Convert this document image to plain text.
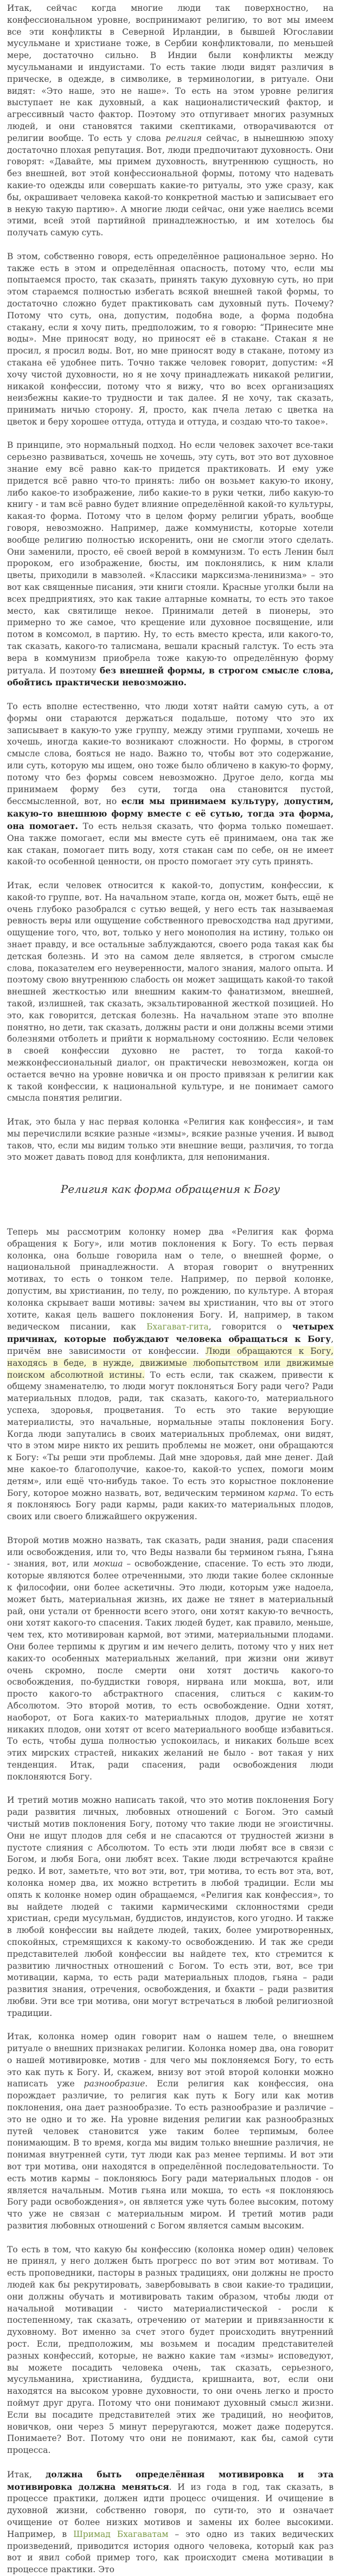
Итак, сейчас когда многие люди так поверхностно, на конфессиональном уровне, воспринимают религию, то вот мы имеем все эти конфликты в Северной Ирландии, в бывшей Югославии мусульмане и христиане тоже, в Сербии конфликтовали, по меньшей мере, достаточно сильно. В Индии были конфликты между мусульманами и индуистами. То есть такие люди видят различия в прическе, в одежде, в символике, в терминологии, в ритуале. Они видят: «Это наше, это не наше». То есть на этом уровне религия выступает не как духовный, а как националистический фактор, и агрессивный часто фактор. Поэтому это отпугивает многих разумных людей, и они становятся такими скептиками, отворачиваются от религии вообще. То есть у слова религия сейчас, в нынешнюю эпоху достаточно плохая репутация. Вот, люди предпочитают духовность. Они говорят: «Давайте, мы примем духовность, внутреннюю сущность, но без внешней, вот этой конфессиональной формы, потому что надевать какие-то одежды или совершать какие-то ритуалы, это уже сразу, как бы, окрашивает человека какой-то конкретной мастью и записывает его в некую такую партию». А многие люди сейчас, они уже наелись всеми этими, всей этой партийной принадлежностью, и им хотелось бы получать самую суть.

В этом, собственно говоря, есть определённое рациональное зерно. Но также есть в этом и определённая опасность, потому что, если мы попытаемся просто, так сказать, принять такую духовную суть, но при этом стараемся полностью избегать всякой внешней такой формы, то достаточно сложно будет практиковать сам духовный путь. Почему? Потому что суть, она, допустим, подобна воде, а форма подобна стакану, если я хочу пить, предположим, то я говорю: “Принесите мне воды». Мне приносят воду, но приносят её в стакане. Стакан я не просил, я просил воды. Вот, но мне приносят воду в стакане, потому из стакана её удобнее пить. Точно также человек говорит, допустим: «Я хочу чистой духовности, но я не хочу принадлежать никакой религии, никакой конфессии, потому что я вижу, что во всех организациях неизбежны какие-то трудности и так далее. Я не хочу, так сказать, принимать ничью сторону. Я, просто, как пчела летаю с цветка на цветок и беру хорошее оттуда, оттуда и оттуда, и создаю что-то такое».

В принципе, это нормальный подход. Но если человек захочет все-таки серьезно развиваться, хочешь не хочешь, эту суть, вот это вот духовное знание ему всё равно как-то придется практиковать. И ему уже придется всё равно что-то принять: либо он возьмет какую-то икону, либо какое-то изображение, либо какие-то в руки четки, либо какую-то книгу - и там всё равно будет влияние определённой какой-то культуры, какая-то форма. Потому что в целом форму религии убрать, вообще говоря, невозможно. Например, даже коммунисты, которые хотели вообще религию полностью искоренить, они не смогли этого сделать. Они заменили, просто, её своей верой в коммунизм. То есть Ленин был пророком, его изображение, бюсты, им поклонялись, к ним клали цветы, приходили в мавзолей. «Классики марксизма-ленинизма» – это вот как священные писания, эти книги стояли. Красные уголки были на всех предприятиях, это как такие алтарные комнаты, то есть это такое место, как святилище некое. Принимали детей в пионеры, это примерно то же самое, что крещение или духовное посвящение, или потом в комсомол, в партию. Ну, то есть вместо креста, или какого-то, так сказать, какого-то талисмана, вешали красный галстук. То есть эта вера в коммунизм приобрела тоже какую-то определённую форму ритуала. И поэтому без внешней формы, в строгом смысле слова, обойтись практически невозможно.

То есть вполне естественно, что люди хотят найти самую суть, а от формы они стараются держаться подальше, потому что это их записывает в какую-то уже группу, между этими группами, хочешь не хочешь, иногда какие-то возникают сложности. Но формы, в строгом смысле слова, бояться не надо. Важно то, чтобы вот это содержание, или суть, которую мы ищем, оно тоже было обличено в какую-то форму, потому что без формы совсем невозможно. Другое дело, когда мы принимаем форму без сути, тогда она становится пустой, бессмысленной, вот, но если мы принимаем культуру, допустим, какую-то внешнюю форму вместе с её сутью, тогда эта форма, она помогает. То есть нельзя сказать, что форма только помешает. Она также помогает, если мы вместе суть её принимаем, она так же как стакан, помогает пить воду, хотя стакан сам по себе, он не имеет какой-то особенной ценности, он просто помогает эту суть принять.

Итак, если человек относится к какой-то, допустим, конфессии, к какой-то группе, вот. На начальном этапе, когда он, может быть, ещё не очень глубоко разобрался с сутью вещей, у него есть так называемая ревность веры или ощущение собственного превосходства над другими, ощущение того, что, вот, только у него монополия на истину, только он знает правду, и все остальные заблуждаются, своего рода такая как бы детская болезнь. И это на самом деле является, в строгом смысле слова, показателем его неуверенности, малого знания, малого опыта. И поэтому свою внутреннюю слабость он может защищать какой-то такой внешней жесткостью или внешним каким-то фанатизмом, внешней, такой, излишней, так сказать, экзальтированной жесткой позицией. Но это, как говорится, детская болезнь. На начальном этапе это вполне понятно, но дети, так сказать, должны расти и они должны всеми этими болезнями отболеть и прийти к нормальному состоянию. Если человек в своей конфессии духовно не растет, то тогда какой-то межконфессиональный диалог, он практически невозможен, когда он остается вечно на уровне новичка и он просто привязан к религии как к такой конфессии, к национальной культуре, и не понимает самого смысла понятия религии.

Итак, это была у нас первая колонка «Религия как конфессия», и там мы перечислили всякие разные «измы», всякие разные учения. И вывод таков, что, если мы видим только эти внешние вещи, различия, то тогда это может давать повод для конфликта, для непонимания.

Религия как форма обращения к Богу

Теперь мы рассмотрим колонку номер два «Религия как форма обращения к Богу», или мотив поклонения к Богу. То есть первая колонка, она больше говорила нам о теле, о внешней форме, о национальной принадлежности. А вторая говорит о внутренних мотивах, то есть о тонком теле. Например, по первой колонке, допустим, вы христианин, по телу, по рождению, по культуре. А вторая колонка скрывает ваши мотивы: зачем вы христианин, что вы от этого хотите, какая цель вашего поклонения Богу. И, например, в таком ведическом писании, как Бхагават-гита, говорится о четырех причинах, которые побуждают человека обращаться к Богу, причём вне зависимости от конфессии. Люди обращаются к Богу, находясь в беде, в нужде, движимые любопытством или движимые поиском абсолютной истины. То есть если, так скажем, привести к общему знаменателю, то люди могут поклоняться Богу ради чего? Ради материальных плодов, ради, так сказать, какого-то, материального успеха, здоровья, процветания. То есть это такие верующие материалисты, это начальные, нормальные этапы поклонения Богу. Когда люди запутались в своих материальных проблемах, они видят, что в этом мире никто их решить проблемы не может, они обращаются к Богу: «Ты реши эти проблемы. Дай мне здоровья, дай мне денег. Дай мне какое-то благополучие, какое-то, какой-то успех, помоги моим детям», или ещё что-нибудь такое. То есть это корыстное поклонение Богу, которое можно назвать, вот, ведическим термином карма. То есть я поклоняюсь Богу ради кармы, ради каких-то материальных плодов, своих или своего ближайшего окружения.

Второй мотив можно назвать, так сказать, ради знания, ради спасения или освобождения, или то, что Веды назвали бы термином гьяна, Гьяна - знания, вот, или мокша – освобождение, спасение. То есть это люди, которые являются более отреченными, это люди такие более склонные к философии, они более аскетичны. Это люди, которым уже надоела, может быть, материальная жизнь, их даже не тянет в материальный рай, они устали от бренности всего этого, они хотят какую-то вечность, они хотят какого-то спасения. Таких людей будет, как правило, меньше, чем тех, кто мотивирован кармой, вот этими, материальными плодами. Они более терпимы к другим и им нечего делить, потому что у них нет каких-то особенных материальных желаний, при жизни они живут очень скромно, после смерти они хотят достичь какого-то освобождения, по-буддистки говоря, нирвана или мокша, вот, или просто какого-то абстрактного спасения, слиться с каким-то Абсолютом. Это второй мотив, то есть освобождение. Одни хотят, наоборот, от Бога каких-то материальных плодов, другие не хотят никаких плодов, они хотят от всего материального вообще избавиться. То есть, чтобы душа полностью успокоилась, и никаких больше всех этих мирских страстей, никаких желаний не было - вот такая у них тенденция. Итак, ради спасения, ради освобождения люди поклоняются Богу.

И третий мотив можно написать такой, что это мотив поклонения Богу ради развития личных, любовных отношений с Богом. Это самый чистый мотив поклонения Богу, потому что такие люди не эгоистичны. Они не ищут плодов для себя и не спасаются от трудностей жизни в пустоте слияния с Абсолютом. То есть эти люди любят все в связи с Богом, и любя Бога, они любят всех. Такие люди встречаются крайне редко. И вот, заметьте, что вот эти, вот, три мотива, то есть вот эта, вот, колонка номер два, их можно встретить в любой традиции. Если мы опять к колонке номер один обращаемся, «Религия как конфессия», то вы найдете людей с такими кармическими склонностями среди христиан, среди мусульман, буддистов, индуистов, кого угодно. И также в любой конфессии вы найдете людей, таких, более умиротворенных, спокойных, стремящихся к какому-то освобождению. И так же среди представителей любой конфессии вы найдете тех, кто стремится к развитию личностных отношений с Богом. То есть эти, вот, все три мотивации, карма, то есть ради материальных плодов, гьяна – ради развития знания, отречения, освобождения, и бхакти – ради развития любви. Эти все три мотива, они могут встречаться в любой религиозной традиции.

Итак, колонка номер один говорит нам о нашем теле, о внешнем ритуале о внешних признаках религии. Колонка номер два, она говорит о нашей мотивировке, мотив - для чего мы поклоняемся Богу, то есть это как путь к Богу. И, скажем, внизу вот этой второй колонки можно написать уже разнообразие. Если религия как конфессия, она порождает различие, то религия как путь к Богу или как мотив поклонения, она дает разнообразие. То есть разнообразие и различие – это не одно и то же. На уровне видения религии как разнообразных путей человек становится уже таким более терпимым, более понимающим. В то время, когда мы видим только внешние различия, не понимая внутренней сути, тут люди как раз менее терпимы. И вот эти вот три мотива, они находятся в определённой последовательности. То есть мотив кармы – поклоняюсь Богу ради материальных плодов - он является начальным. Мотив гьяна или мокша, то есть «я поклоняюсь Богу ради освобождения», он является уже чуть более высоким, потому что уже не связан с материальным миром. И третий мотив ради развития любовных отношений с Богом является самым высоким.

То есть в том, что какую бы конфессию (колонка номер один) человек не принял, у него должен быть прогресс по вот этим вот мотивам. То есть проповедники, пасторы в разных традициях, они должны не просто людей как бы рекрутировать, завербовывать в свои какие-то традиции, они должны обучать и мотивировать таким образом, чтобы люди от начальной мотивации - чисто материалистической - росли к постепенному, так сказать, отречению от материи и привязанности к духовному. Вот именно за счет этого будет происходить внутренний рост. Если, предположим, мы возьмем и посадим представителей разных конфессий, которые, не важно какие там «измы» исповедуют, вы можете посадить человека очень, так сказать, серьезного, мусульманина, христианина, буддиста, кришнаита, вот, если они находятся на высоком уровне духовности, то они очень легко и просто поймут друг друга. Потому что они понимают духовный смысл жизни. Если вы посадите представителей этих же традиций, но неофитов, новичков, они через 5 минут переругаются, может даже подерутся. Понимаете? Вот. Потому что они не понимают, как бы, самой сути процесса.

Итак, должна быть определённая мотивировка и эта мотивировка должна меняться. И из года в год, так сказать, в процессе практики, должен идти процесс очищения. И очищение в духовной жизни, собственно говоря, по сути-то, это и означает очищение от более низких мотивов и замены их более высокими. Например, в Шримад Бхагаватам – это одно из таких ведических произведений, приводится история одного человека, который как раз вот и явил собой пример того, как происходит смена мотивации в процессе практики. Это
